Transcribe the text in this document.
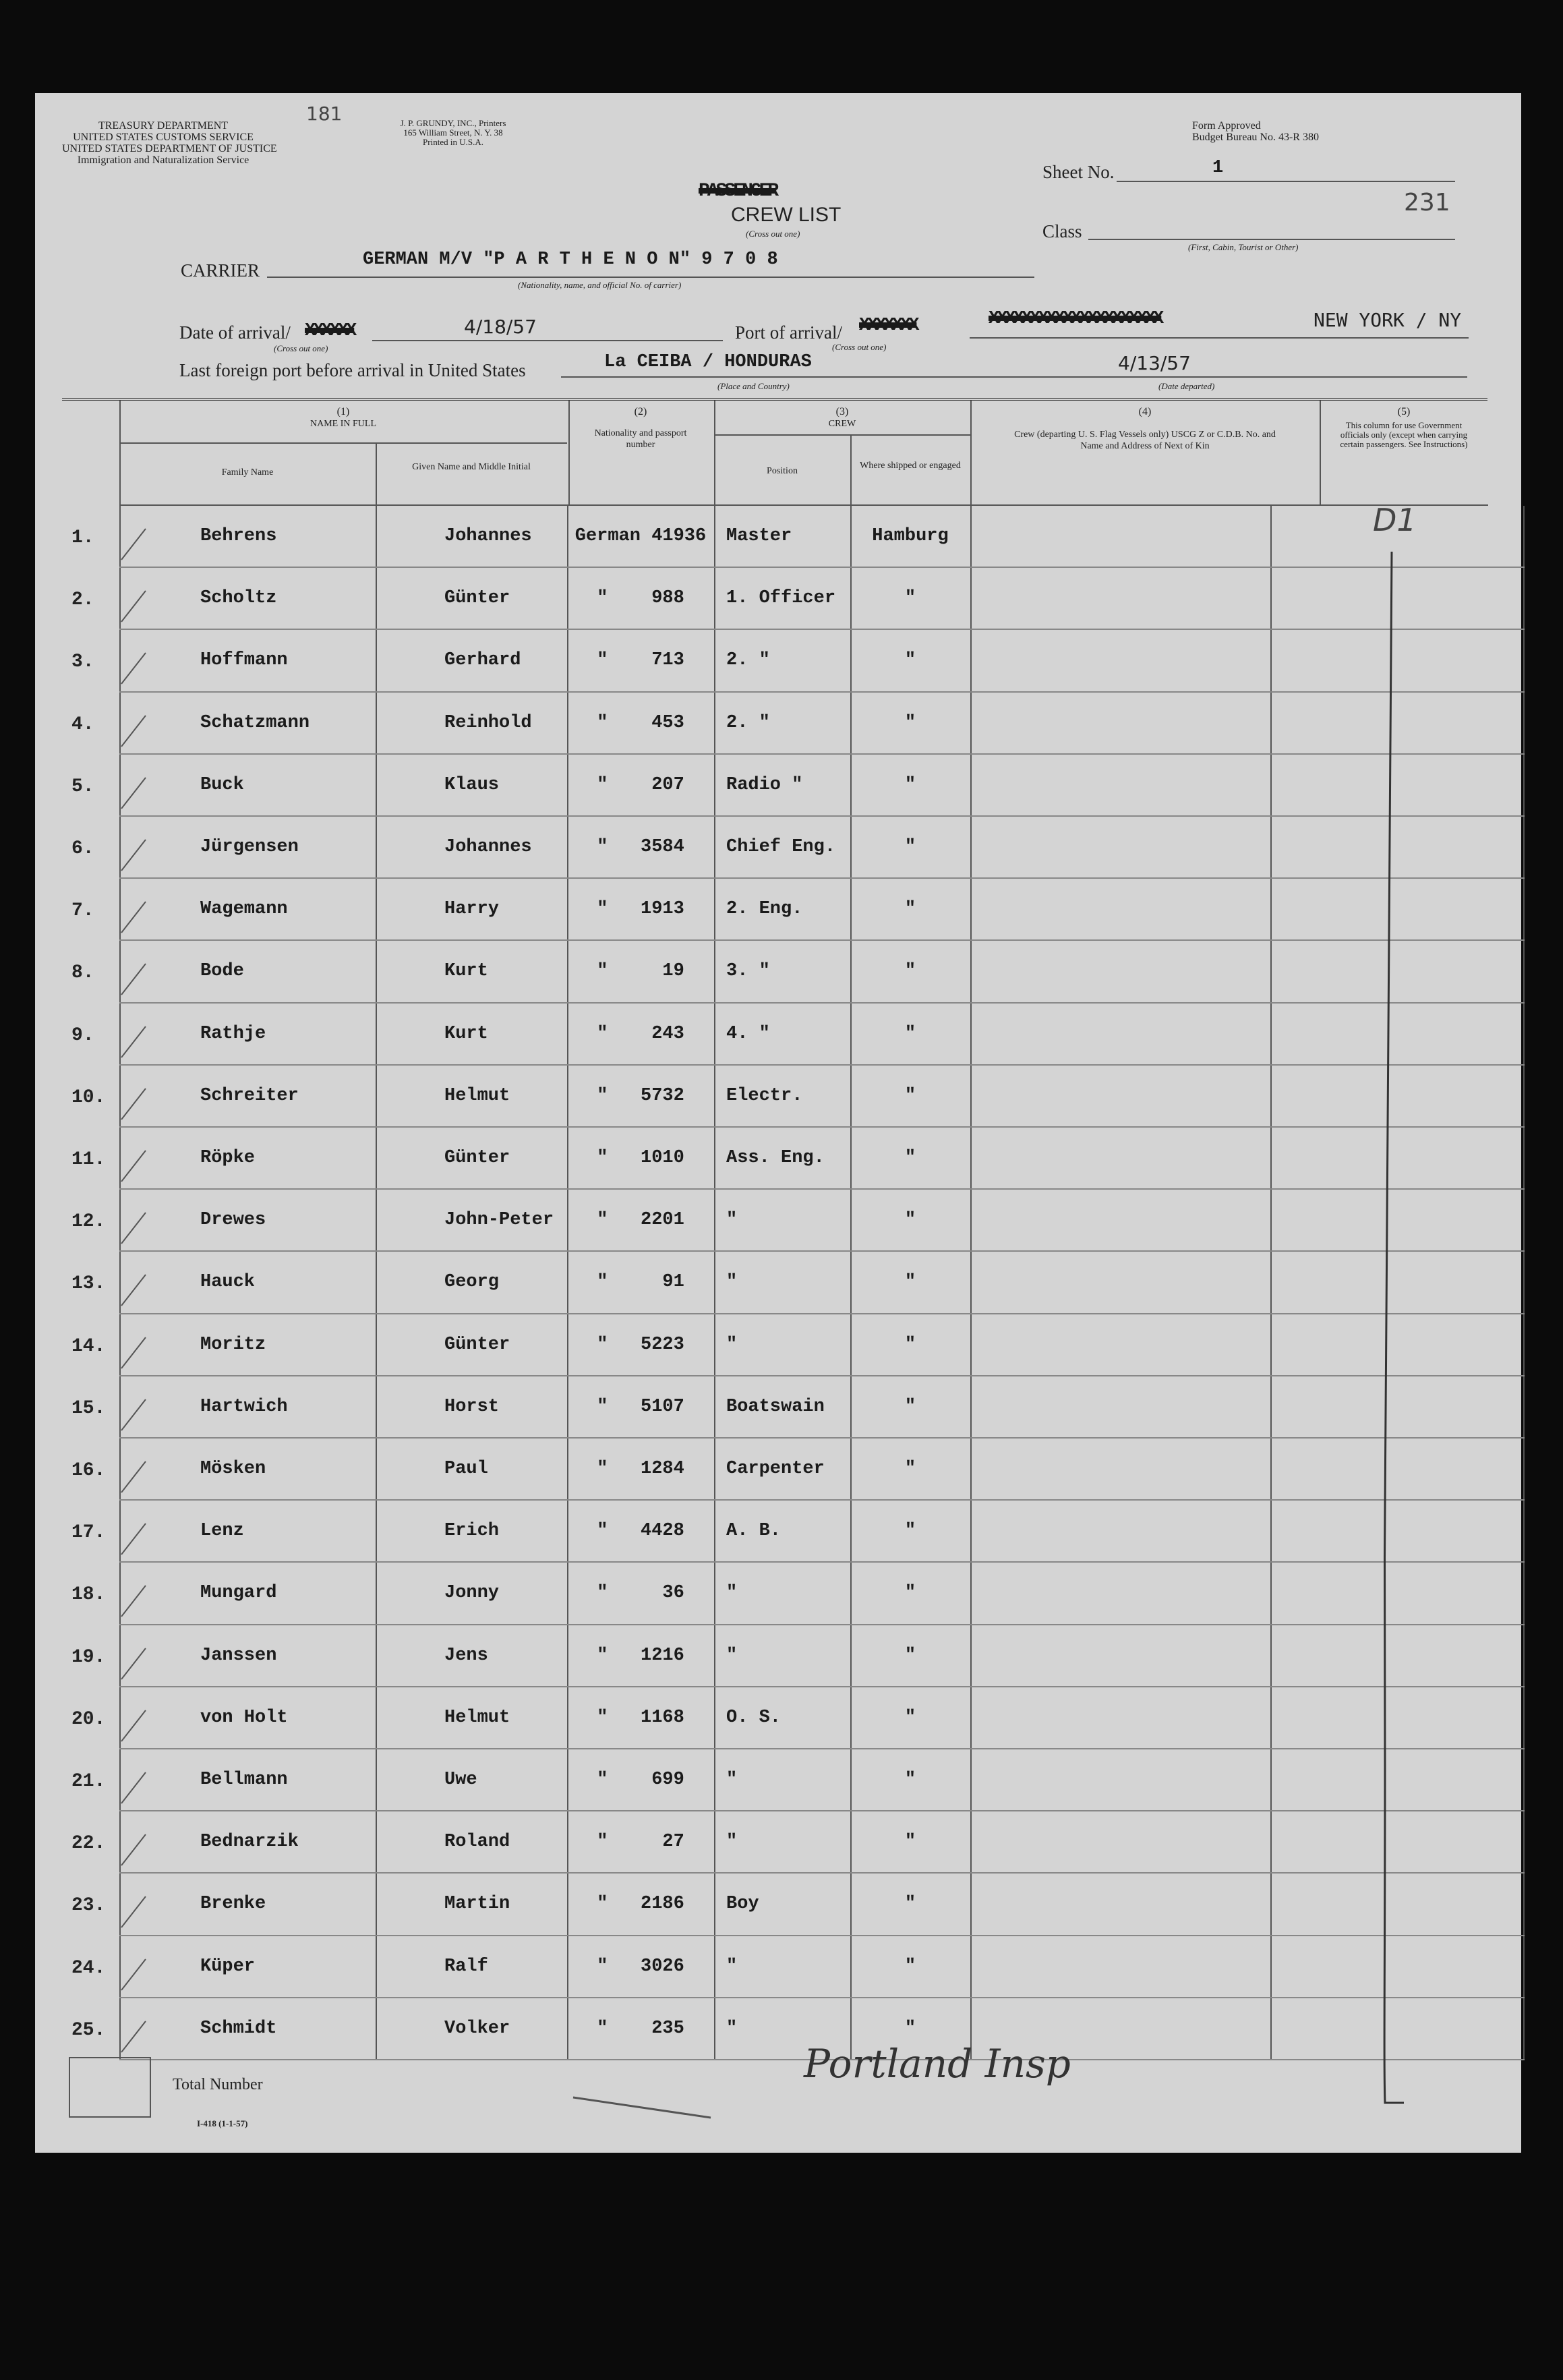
TREASURY DEPARTMENT
UNITED STATES CUSTOMS SERVICE
UNITED STATES DEPARTMENT OF JUSTICE
Immigration and Naturalization Service
181	J. P. GRUNDY, INC., Printers
165 William Street, N. Y. 38
Printed in U.S.A.
Form Approved
Budget Bureau No. 43-R 380
Sheet No.	1
231
Class
(First, Cabin, Tourist or Other)
PASSENGER
CREW LIST
(Cross out one)
CARRIER
GERMAN M/V "P A R T H E N O N" 9 7 0 8
(Nationality, name, and official No. of carrier)
Date of arrival/ XXXXXX
(Cross out one)
4/18/57	Port of arrival/ XXXXXXX
(Cross out one)
XXXXXXXXXXXXXXXXXXXXX	NEW YORK / NY
Last foreign port before arrival in United States	La CEIBA / HONDURAS
(Place and Country)
4/13/57
(Date departed)
(1)
NAME IN FULL
Family Name
Given Name and Middle Initial
(2)
Nationality and passport number
(3)
CREW
Position
Where shipped or engaged
(4)
Crew (departing U. S. Flag Vessels only) USCG Z or C.D.B. No. and Name and Address of Next of Kin
(5)
This column for use Government officials only (except when carrying certain passengers. See Instructions)
1.	Behrens	Johannes	German 41936	Master	Hamburg
2.	Scholtz	Günter	"    988	1. Officer	"
3.	Hoffmann	Gerhard	"    713	2. "	"
4.	Schatzmann	Reinhold	"    453	2. "	"
5.	Buck	Klaus	"    207	Radio "	"
6.	Jürgensen	Johannes	"   3584	Chief Eng.	"
7.	Wagemann	Harry	"   1913	2. Eng.	"
8.	Bode	Kurt	"     19	3. "	"
9.	Rathje	Kurt	"    243	4. "	"
10.	Schreiter	Helmut	"   5732	Electr.	"
11.	Röpke	Günter	"   1010	Ass. Eng.	"
12.	Drewes	John-Peter	"   2201	"	"
13.	Hauck	Georg	"     91	"	"
14.	Moritz	Günter	"   5223	"	"
15.	Hartwich	Horst	"   5107	Boatswain	"
16.	Mösken	Paul	"   1284	Carpenter	"
17.	Lenz	Erich	"   4428	A. B.	"
18.	Mungard	Jonny	"     36	"	"
19.	Janssen	Jens	"   1216	"	"
20.	von Holt	Helmut	"   1168	O. S.	"
21.	Bellmann	Uwe	"    699	"	"
22.	Bednarzik	Roland	"     27	"	"
23.	Brenke	Martin	"   2186	Boy	"
24.	Küper	Ralf	"   3026	"	"
25.	Schmidt	Volker	"    235	"	"
D1
Total Number
I-418 (1-1-57)
Portland Insp
